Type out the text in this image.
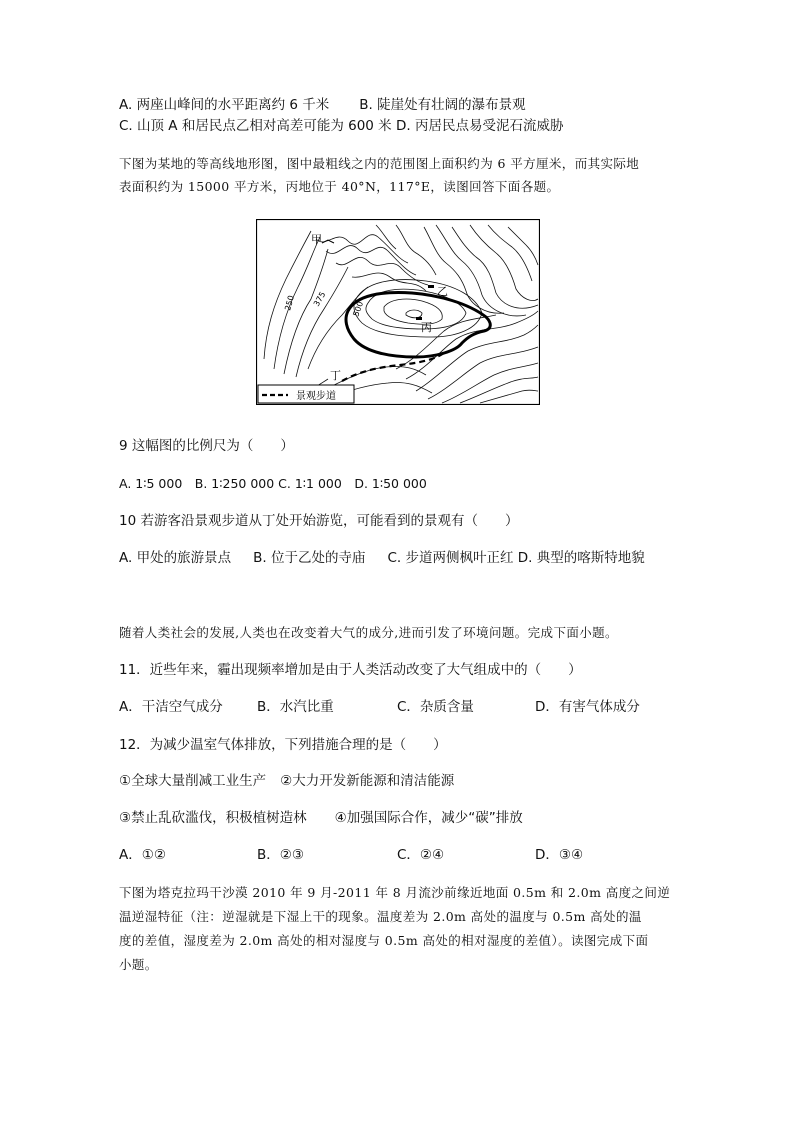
A. 两座山峰间的水平距离约 6 千米 B. 陡崖处有壮阔的瀑布景观
C. 山顶 A 和居民点乙相对高差可能为 600 米 D. 丙居民点易受泥石流威胁
下图为某地的等高线地形图，图中最粗线之内的范围图上面积约为 6 平方厘米，而其实际地
表面积约为 15000 平方米，丙地位于 40°N，117°E，读图回答下面各题。
甲
乙
丙
丁
250 375
500
景观步道
9 这幅图的比例尺为（　　）
A. 1∶5 000　B. 1∶250 000 C. 1∶1 000　D. 1∶50 000
10 若游客沿景观步道从丁处开始游览，可能看到的景观有（　　）
A. 甲处的旅游景点 B. 位于乙处的寺庙 C. 步道两侧枫叶正红 D. 典型的喀斯特地貌
随着人类社会的发展,人类也在改变着大气的成分,进而引发了环境问题。完成下面小题。
11．近些年来，霾出现频率增加是由于人类活动改变了大气组成中的（　　）
A．干洁空气成分	B．水汽比重	C．杂质含量	D．有害气体成分
12．为减少温室气体排放，下列措施合理的是（　　）
①全球大量削减工业生产 ②大力开发新能源和清洁能源
③禁止乱砍滥伐，积极植树造林 ④加强国际合作，减少“碳”排放
A．①②	B．②③	C．②④	D．③④
下图为塔克拉玛干沙漠 2010 年 9 月-2011 年 8 月流沙前缘近地面 0.5m 和 2.0m 高度之间逆
温逆湿特征（注：逆湿就是下湿上干的现象。温度差为 2.0m 高处的温度与 0.5m 高处的温
度的差值，湿度差为 2.0m 高处的相对湿度与 0.5m 高处的相对湿度的差值）。读图完成下面
小题。
